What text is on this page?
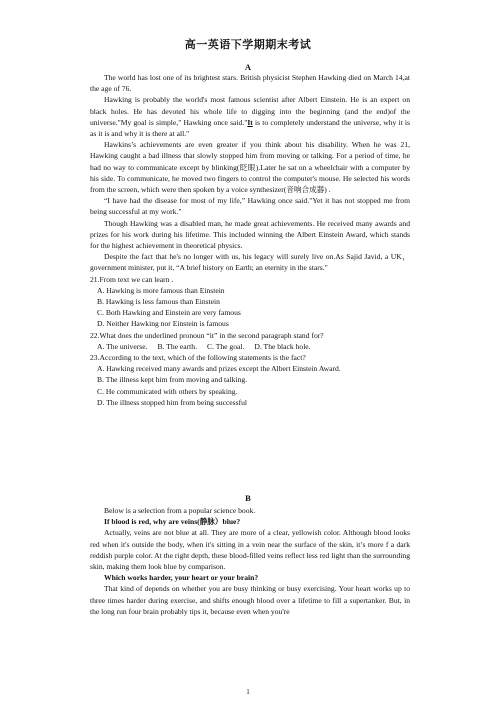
高一英语下学期期末考试
A

The world has lost one of its brightest stars. British physicist Stephen Hawking died on March 14,at the age of 76.

Hawking is probably the world's most famous scientist after Albert Einstein. He is an expert on black holes. He has devoted his whole life to digging into the beginning (and the end)of the universe."My goal is simple," Hawking once said."It is to completely understand the universe, why it is as it is and why it is there at all."

Hawkins’s achievements are even greater if you think about his disability. When he was 21, Hawking caught a bad illness that slowly stopped him from moving or talking. For a period of time, he had no way to communicate except by blinking(眨眼).Later he sat on a wheelchair with a computer by his side. To communicate, he moved two fingers to control the computer's mouse. He selected his words from the screen, which were then spoken by a voice synthesizer(音响合成器) .

“I have had the disease for most of my life,” Hawking once said."Yet it has not stopped me from being successful at my work."

Though Hawking was a disabled man, he made great achievements. He received many awards and prizes for his work during his lifetime. This included winning the Albert Einstein Award, which stands for the highest achievement in theoretical physics.

Despite the fact that he's no longer with us, his legacy will surely live on.As Sajid Javid, a UK，government minister, put it, “A brief history on Earth; an eternity in the stars."

21.From text we can learn .

A. Hawking is more famous than Einstein

B. Hawking is less famous than Einstein

C. Both Hawking and Einstein are very famous

D. Neither Hawking nor Einstein is famous

22.What does the underlined pronoun “it” in the second paragraph stand for?

A. The universe. B. The earth. C. The goal. D. The black hole.

23.According to the text, which of the following statements is the fact?

A. Hawking received many awards and prizes except the Albert Einstein Award.

B. The illness kept him from moving and talking.

C. He communicated with others by speaking.

D. The illness stopped him from being successful

B

Below is a selection from a popular science book.

If blood is red, why are veins(静脉）blue?

Actually, veins are not blue at all. They are more of a clear, yellowish color. Although blood looks red when it's outside the body, when it's sitting in a vein near the surface of the skin, it’s more f a dark reddish purple color. At the right depth, these blood-filled veins reflect less red light than the surrounding skin, making them look blue by comparison.

Which works harder, your heart or your brain?

That kind of depends on whether you are busy thinking or busy exercising. Your heart works up to three times harder during exercise, and shifts enough blood over a lifetime to fill a supertanker. But, in the long run four brain probably tips it, because even when you're

1
